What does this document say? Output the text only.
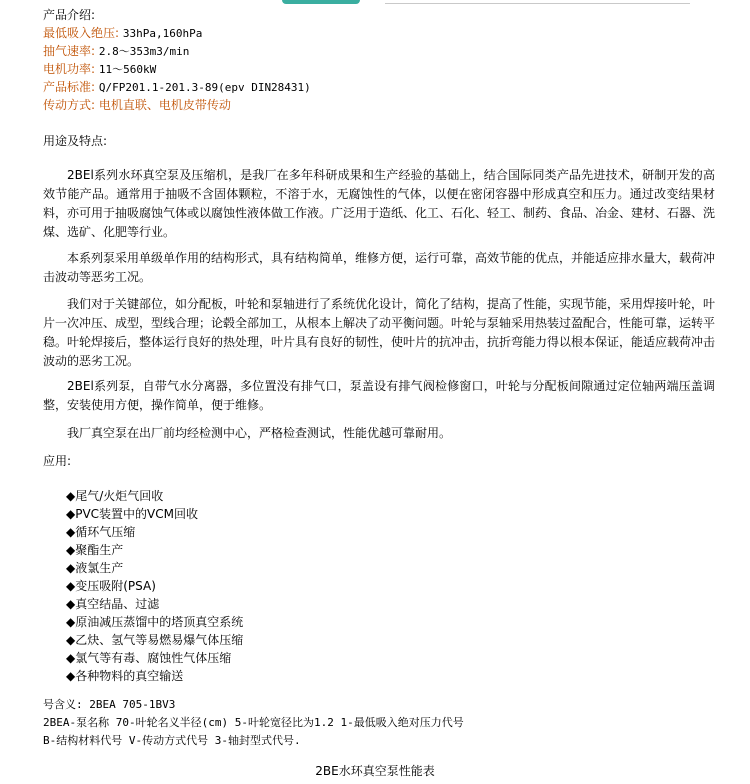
产品介绍:
最低吸入绝压: 33hPa,160hPa
抽气速率: 2.8～353m3/min
电机功率: 11～560kW
产品标准: Q/FP201.1-201.3-89(epv DIN28431)
传动方式: 电机直联、电机皮带传动
用途及特点:

2BEl系列水环真空泵及压缩机，是我厂在多年科研成果和生产经验的基础上，结合国际同类产品先进技术，研制开发的高效节能产品。通常用于抽吸不含固体颗粒，不溶于水，无腐蚀性的气体，以便在密闭容器中形成真空和压力。通过改变结果材料，亦可用于抽吸腐蚀气体或以腐蚀性液体做工作液。广泛用于造纸、化工、石化、轻工、制药、食品、冶金、建材、石器、洗煤、选矿、化肥等行业。

本系列泵采用单级单作用的结构形式，具有结构简单，维修方便，运行可靠，高效节能的优点，并能适应排水量大，载荷冲击波动等恶劣工况。

我们对于关键部位，如分配板，叶轮和泵轴进行了系统优化设计，简化了结构，提高了性能，实现节能，采用焊接叶轮，叶片一次冲压、成型，型线合理；论毂全部加工，从根本上解决了动平衡问题。叶轮与泵轴采用热装过盈配合，性能可靠，运转平稳。叶轮焊接后，整体运行良好的热处理，叶片具有良好的韧性，使叶片的抗冲击，抗折弯能力得以根本保证，能适应载荷冲击波动的恶劣工况。

2BEl系列泵，自带气水分离器，多位置没有排气口，泵盖设有排气阀检修窗口，叶轮与分配板间隙通过定位轴两端压盖调整，安装使用方便，操作简单，便于维修。

我厂真空泵在出厂前均经检测中心，严格检查测试，性能优越可靠耐用。

应用:
◆尾气/火炬气回收
◆PVC装置中的VCM回收
◆循环气压缩
◆聚酯生产
◆液氯生产
◆变压吸附(PSA)
◆真空结晶、过滤
◆原油减压蒸馏中的塔顶真空系统
◆乙炔、氢气等易燃易爆气体压缩
◆氯气等有毒、腐蚀性气体压缩
◆各种物料的真空输送
号含义: 2BEA 705-1BV3
2BEA-泵名称 70-叶轮名义半径(cm) 5-叶轮宽径比为1.2 1-最低吸入绝对压力代号
B-结构材料代号 V-传动方式代号 3-轴封型式代号.
2BE水环真空泵性能表
